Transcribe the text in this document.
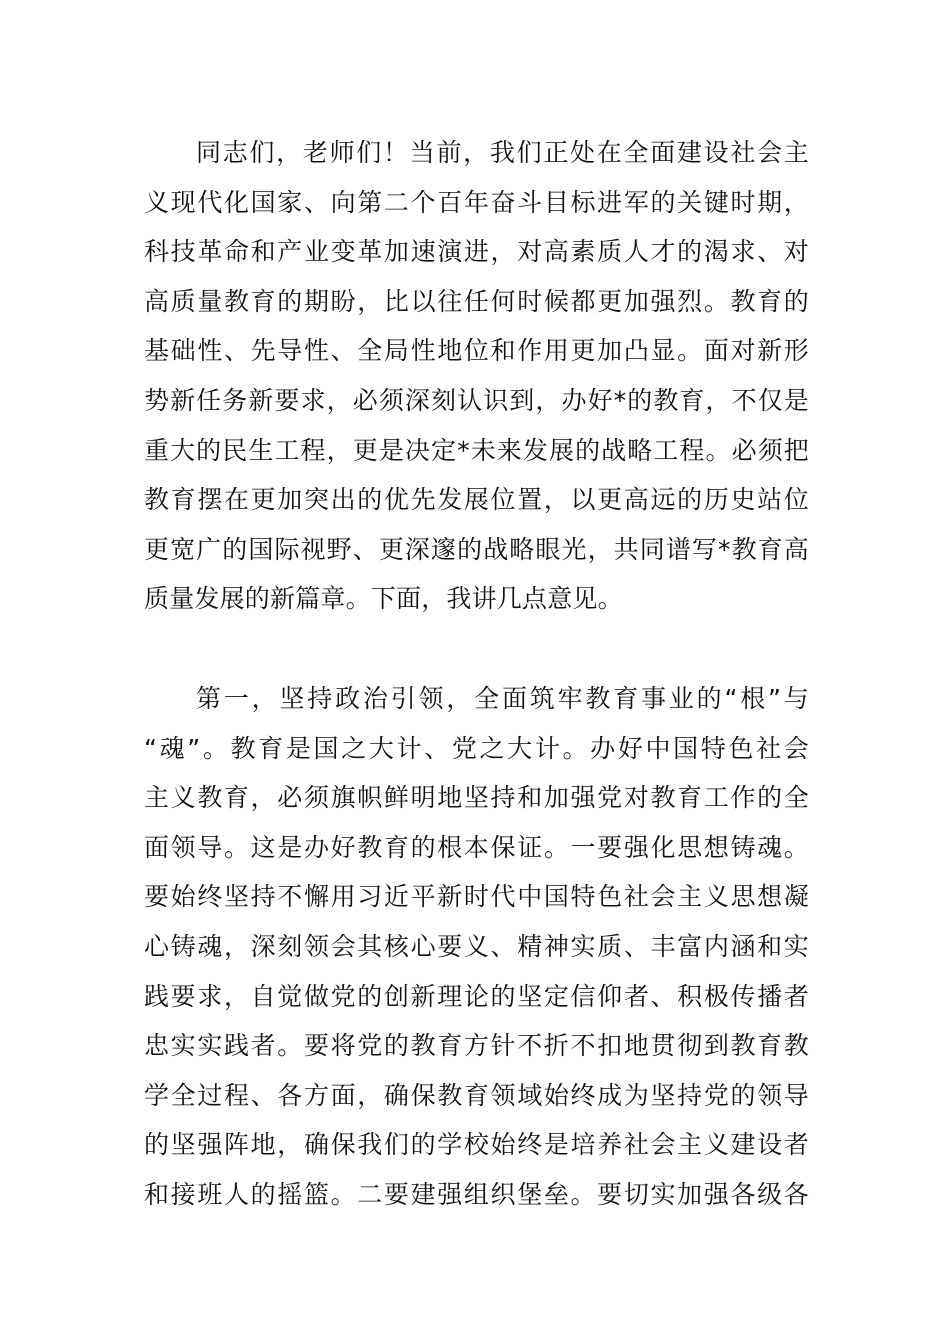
同志们，老师们！当前，我们正处在全面建设社会主
义现代化国家、向第二个百年奋斗目标进军的关键时期，
科技革命和产业变革加速演进，对高素质人才的渴求、对
高质量教育的期盼，比以往任何时候都更加强烈。教育的
基础性、先导性、全局性地位和作用更加凸显。面对新形
势新任务新要求，必须深刻认识到，办好*的教育，不仅是
重大的民生工程，更是决定*未来发展的战略工程。必须把
教育摆在更加突出的优先发展位置，以更高远的历史站位
更宽广的国际视野、更深邃的战略眼光，共同谱写*教育高
质量发展的新篇章。下面，我讲几点意见。
第一，坚持政治引领，全面筑牢教育事业的“根”与
“魂”。教育是国之大计、党之大计。办好中国特色社会
主义教育，必须旗帜鲜明地坚持和加强党对教育工作的全
面领导。这是办好教育的根本保证。一要强化思想铸魂。
要始终坚持不懈用习近平新时代中国特色社会主义思想凝
心铸魂，深刻领会其核心要义、精神实质、丰富内涵和实
践要求，自觉做党的创新理论的坚定信仰者、积极传播者
忠实实践者。要将党的教育方针不折不扣地贯彻到教育教
学全过程、各方面，确保教育领域始终成为坚持党的领导
的坚强阵地，确保我们的学校始终是培养社会主义建设者
和接班人的摇篮。二要建强组织堡垒。要切实加强各级各
